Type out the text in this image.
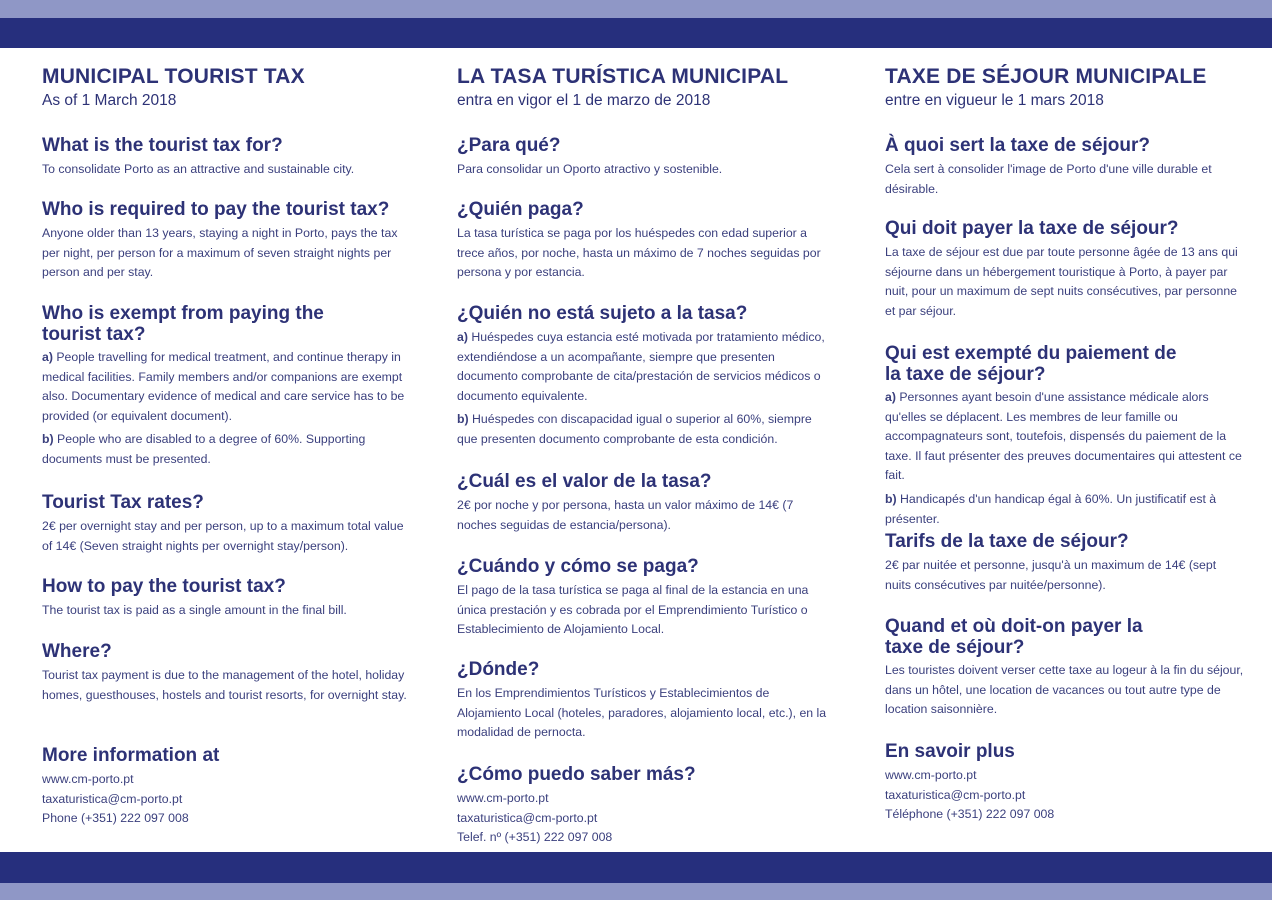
MUNICIPAL TOURIST TAX
As of 1 March 2018
What is the tourist tax for?

To consolidate Porto as an attractive and sustainable city.

Who is required to pay the tourist tax?

Anyone older than 13 years, staying a night in Porto, pays the tax per night, per person for a maximum of seven straight nights per person and per stay.

Who is exempt from paying the tourist tax?

a) People travelling for medical treatment, and continue therapy in medical facilities. Family members and/or companions are exempt also. Documentary evidence of medical and care service has to be provided (or equivalent document).

b) People who are disabled to a degree of 60%. Supporting documents must be presented.

Tourist Tax rates?

2€ per overnight stay and per person, up to a maximum total value of 14€ (Seven straight nights per overnight stay/person).

How to pay the tourist tax?

The tourist tax is paid as a single amount in the final bill.

Where?

Tourist tax payment is due to the management of the hotel, holiday homes, guesthouses, hostels and tourist resorts, for overnight stay.

More information at
www.cm-porto.pt
taxaturistica@cm-porto.pt
Phone (+351) 222 097 008
LA TASA TURÍSTICA MUNICIPAL
entra en vigor el 1 de marzo de 2018
¿Para qué?

Para consolidar un Oporto atractivo y sostenible.

¿Quién paga?

La tasa turística se paga por los huéspedes con edad superior a trece años, por noche, hasta un máximo de 7 noches seguidas por persona y por estancia.

¿Quién no está sujeto a la tasa?

a) Huéspedes cuya estancia esté motivada por tratamiento médico, extendiéndose a un acompañante, siempre que presenten documento comprobante de cita/prestación de servicios médicos o documento equivalente.

b) Huéspedes con discapacidad igual o superior al 60%, siempre que presenten documento comprobante de esta condición.

¿Cuál es el valor de la tasa?

2€ por noche y por persona, hasta un valor máximo de 14€ (7 noches seguidas de estancia/persona).

¿Cuándo y cómo se paga?

El pago de la tasa turística se paga al final de la estancia en una única prestación y es cobrada por el Emprendimiento Turístico o Establecimiento de Alojamiento Local.

¿Dónde?

En los Emprendimientos Turísticos y Establecimientos de Alojamiento Local (hoteles, paradores, alojamiento local, etc.), en la modalidad de pernocta.

¿Cómo puedo saber más?
www.cm-porto.pt
taxaturistica@cm-porto.pt
Telef. nº (+351) 222 097 008
TAXE DE SÉJOUR MUNICIPALE
entre en vigueur le 1 mars 2018
À quoi sert la taxe de séjour?

Cela sert à consolider l'image de Porto d'une ville durable et désirable.

Qui doit payer la taxe de séjour?

La taxe de séjour est due par toute personne âgée de 13 ans qui séjourne dans un hébergement touristique à Porto, à payer par nuit, pour un maximum de sept nuits consécutives, par personne et par séjour.

Qui est exempté du paiement de la taxe de séjour?

a) Personnes ayant besoin d'une assistance médicale alors qu'elles se déplacent. Les membres de leur famille ou accompagnateurs sont, toutefois, dispensés du paiement de la taxe. Il faut présenter des preuves documentaires qui attestent ce fait.

b) Handicapés d'un handicap égal à 60%. Un justificatif est à présenter.

Tarifs de la taxe de séjour?

2€ par nuitée et personne, jusqu'à un maximum de 14€ (sept nuits consécutives par nuitée/personne).

Quand et où doit-on payer la taxe de séjour?

Les touristes doivent verser cette taxe au logeur à la fin du séjour, dans un hôtel, une location de vacances ou tout autre type de location saisonnière.

En savoir plus
www.cm-porto.pt
taxaturistica@cm-porto.pt
Téléphone (+351) 222 097 008
